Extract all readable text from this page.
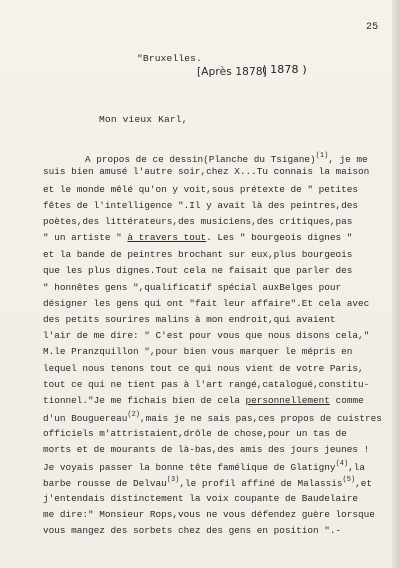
25
"Bruxelles.
[Après 1878]
( 1878 )
Mon vieux Karl,
A propos de ce dessin(Planche du Tsigane)$^{(1)}$, je me
suis bien amusé l'autre soir,chez X...Tu connais la maison
et le monde mêlé qu'on y voit,sous prétexte de " petites
fêtes de l'intelligence ".Il y avait là des peintres,des
poètes,des littérateurs,des musiciens,des critiques,pas
" un artiste " à travers tout. Les " bourgeois dignes "
et la bande de peintres brochant sur eux,plus bourgeois
que les plus dignes.Tout cela ne faisait que parler des
" honnêtes gens ",qualificatif spécial auxBelges pour
désigner les gens qui ont "fait leur affaire".Et cela avec
des petits sourires malins à mon endroit,qui avaient
l'air de me dire: " C'est pour vous que nous disons cela,"
M.le Pranzquillon ",pour bien vous marquer le mépris en
lequel nous tenons tout ce qui nous vient de votre Paris,
tout ce qui ne tient pas à l'art rangé,catalogué,constitu-
tionnel."Je me fichais bien de cela personnellement comme
d'un Bouguereau$^{(2)}$,mais je ne sais pas,ces propos de cuistres
officiels m'attristaient,drôle de chose,pour un tas de
morts et de mourants de là-bas,des amis des jours jeunes !
Je voyais passer la bonne tête famélique de Glatigny$^{(4)}$,la
barbe rousse de Delvau$^{(3)}$,le profil affiné de Malassis$^{(5)}$,et
j'entendais distinctement la voix coupante de Baudelaire
me dire:" Monsieur Rops,vous ne vous défendez guère lorsque
vous mangez des sorbets chez des gens en position ".-
